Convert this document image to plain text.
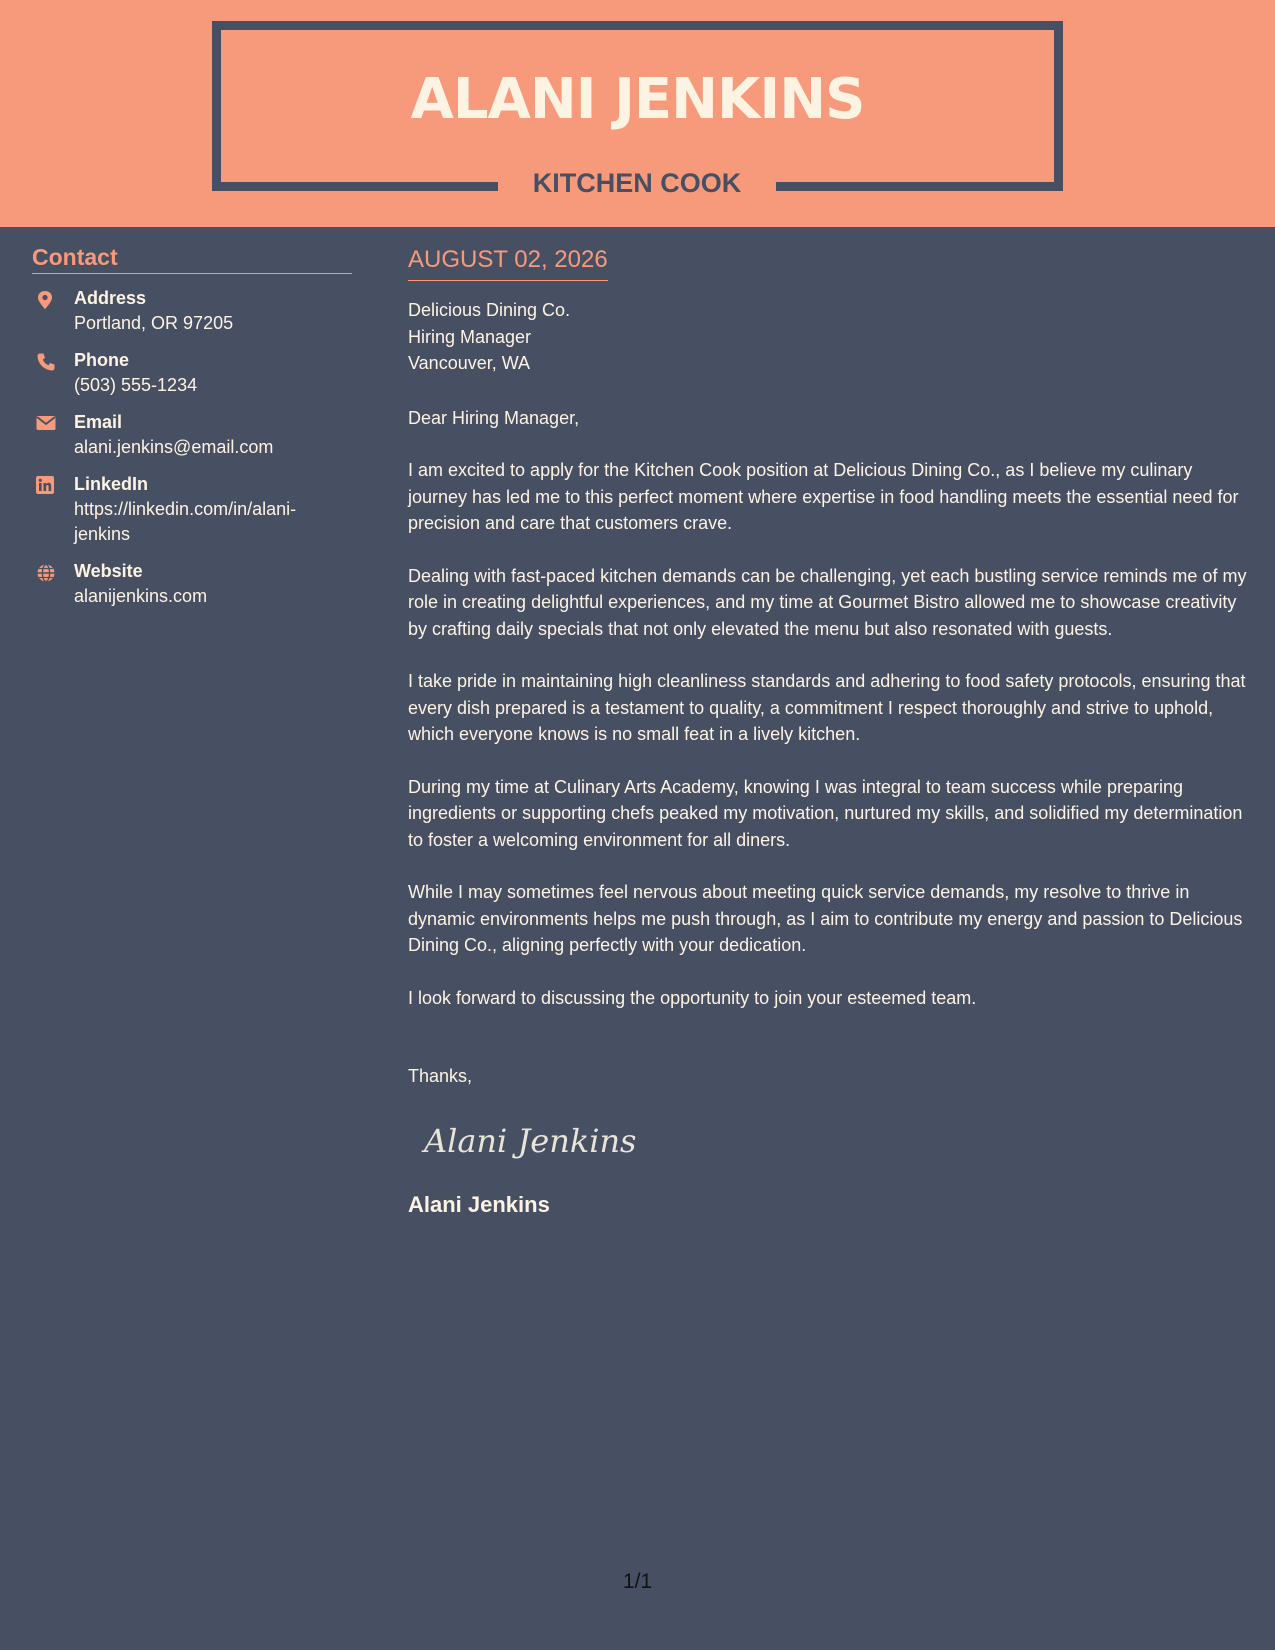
ALANI JENKINS
KITCHEN COOK
Contact
Address
Portland, OR 97205
Phone
(503) 555-1234
Email
alani.jenkins@email.com
LinkedIn
https://linkedin.com/in/alani-jenkins
Website
alanijenkins.com
AUGUST 02, 2026
Delicious Dining Co.
Hiring Manager
Vancouver, WA
Dear Hiring Manager,

I am excited to apply for the Kitchen Cook position at Delicious Dining Co., as I believe my culinary journey has led me to this perfect moment where expertise in food handling meets the essential need for precision and care that customers crave.

Dealing with fast-paced kitchen demands can be challenging, yet each bustling service reminds me of my role in creating delightful experiences, and my time at Gourmet Bistro allowed me to showcase creativity by crafting daily specials that not only elevated the menu but also resonated with guests.

I take pride in maintaining high cleanliness standards and adhering to food safety protocols, ensuring that every dish prepared is a testament to quality, a commitment I respect thoroughly and strive to uphold, which everyone knows is no small feat in a lively kitchen.

During my time at Culinary Arts Academy, knowing I was integral to team success while preparing ingredients or supporting chefs peaked my motivation, nurtured my skills, and solidified my determination to foster a welcoming environment for all diners.

While I may sometimes feel nervous about meeting quick service demands, my resolve to thrive in dynamic environments helps me push through, as I aim to contribute my energy and passion to Delicious Dining Co., aligning perfectly with your dedication.

I look forward to discussing the opportunity to join your esteemed team.

Thanks,
Alani Jenkins
Alani Jenkins
1/1
